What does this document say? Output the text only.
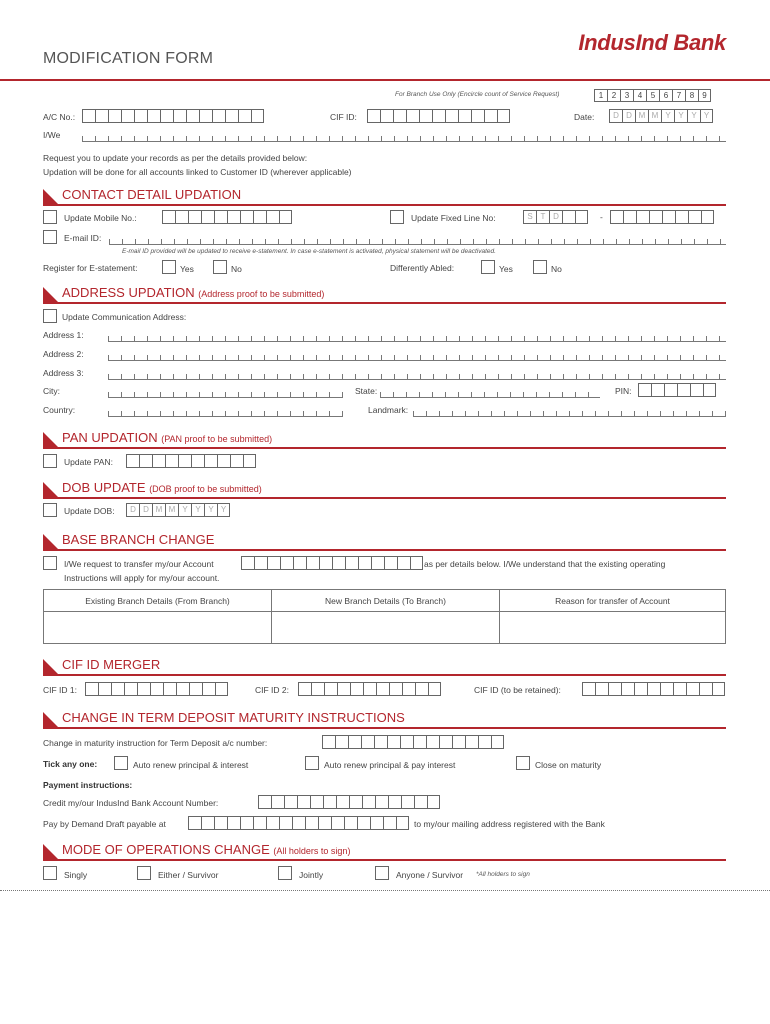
MODIFICATION FORM
IndusInd Bank
For Branch Use Only (Encircle count of Service Request)	1	2	3	4	5	6	7	8	9
A/C No.:	CIF ID:	Date:	D D M M Y Y Y Y
I/We
Request you to update your records as per the details provided below:
Updation will be done for all accounts linked to Customer ID (wherever applicable)
CONTACT DETAIL UPDATION
Update Mobile No.:	Update Fixed Line No:	S T D	-
E-mail ID:
E-mail ID provided will be updated to receive e-statement. In case e-statement is activated, physical statement will be deactivated.
Register for E-statement:	Yes	No	Differently Abled:	Yes	No
ADDRESS UPDATION (Address proof to be submitted)
Update Communication Address:
Address 1:
Address 2:
Address 3:
City:	State:	PIN:
Country:	Landmark:
PAN UPDATION (PAN proof to be submitted)
Update PAN:
DOB UPDATE (DOB proof to be submitted)
Update DOB:	D D M M Y Y Y Y
BASE BRANCH CHANGE
I/We request to transfer my/our Account	as per details below. I/We understand that the existing operating
Instructions will apply for my/our account.
Existing Branch Details (From Branch)	New Branch Details (To Branch)	Reason for transfer of Account

CIF ID MERGER
CIF ID 1:	CIF ID 2:	CIF ID (to be retained):
CHANGE IN TERM DEPOSIT MATURITY INSTRUCTIONS
Change in maturity instruction for Term Deposit a/c number:
Tick any one:	Auto renew principal & interest	Auto renew principal & pay interest	Close on maturity
Payment instructions:
Credit my/our IndusInd Bank Account Number:
Pay by Demand Draft payable at	to my/our mailing address registered with the Bank
MODE OF OPERATIONS CHANGE (All holders to sign)
Singly	Either / Survivor	Jointly	Anyone / Survivor *All holders to sign
